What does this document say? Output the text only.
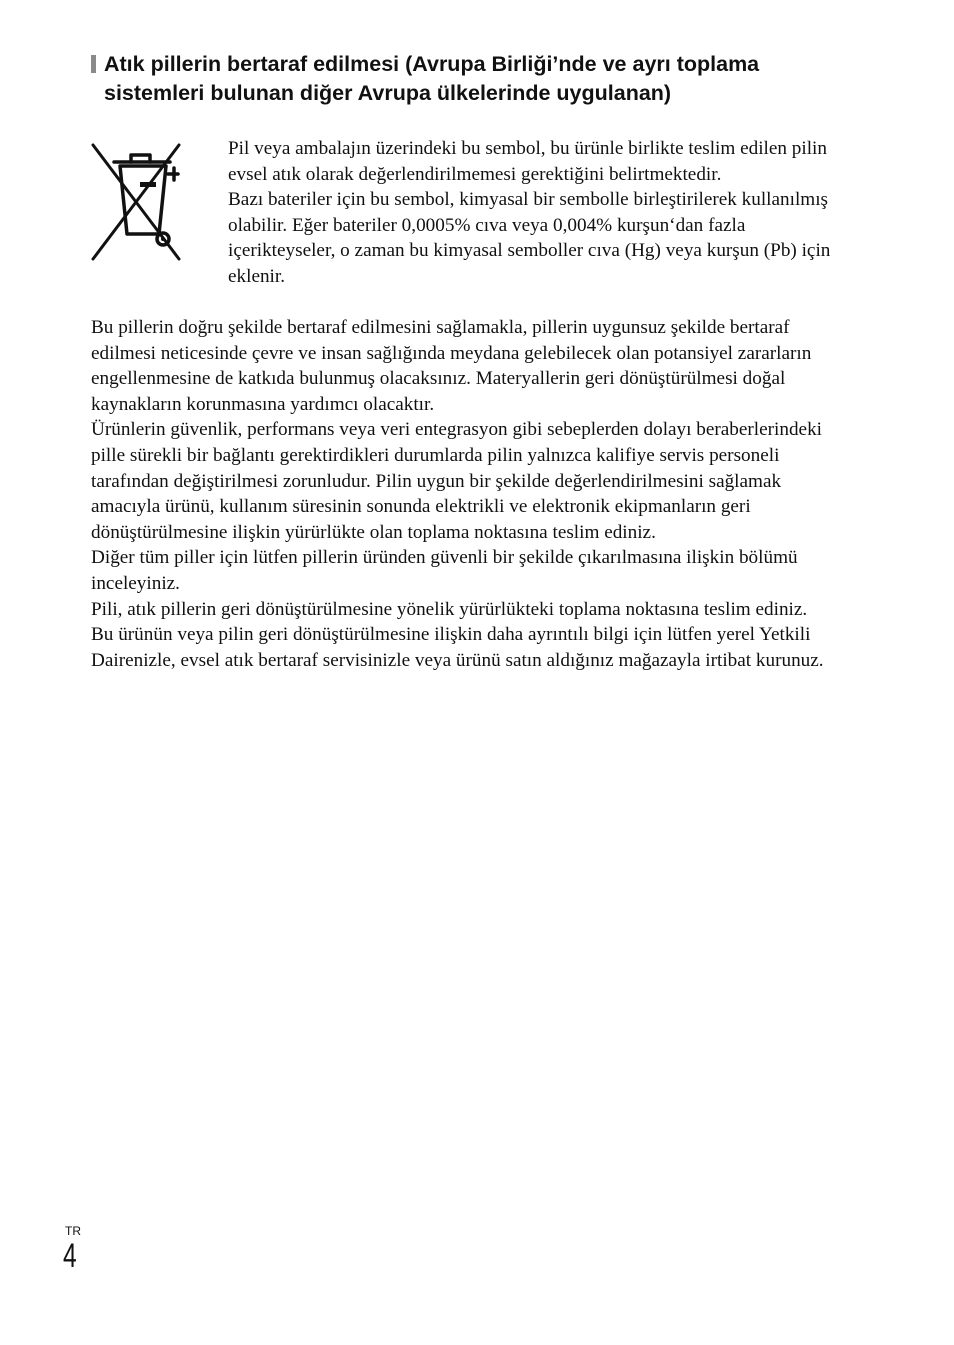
Atık pillerin bertaraf edilmesi (Avrupa Birliği’nde ve ayrı toplama sistemleri bulunan diğer Avrupa ülkelerinde uygulanan)

Pil veya ambalajın üzerindeki bu sembol, bu ürünle birlikte teslim edilen pilin evsel atık olarak değerlendirilmemesi gerektiğini belirtmektedir.

Bazı bateriler için bu sembol, kimyasal bir sembolle birleştirilerek kullanılmış olabilir. Eğer bateriler 0,0005% cıva veya 0,004% kurşun‘dan fazla içerikteyseler, o zaman bu kimyasal semboller cıva (Hg) veya kurşun (Pb) için eklenir.

Bu pillerin doğru şekilde bertaraf edilmesini sağlamakla, pillerin uygunsuz şekilde bertaraf edilmesi neticesinde çevre ve insan sağlığında meydana gelebilecek olan potansiyel zararların engellenmesine de katkıda bulunmuş olacaksınız. Materyallerin geri dönüştürülmesi doğal kaynakların korunmasına yardımcı olacaktır.

Ürünlerin güvenlik, performans veya veri entegrasyon gibi sebeplerden dolayı beraberlerindeki pille sürekli bir bağlantı gerektirdikleri durumlarda pilin yalnızca kalifiye servis personeli tarafından değiştirilmesi zorunludur. Pilin uygun bir şekilde değerlendirilmesini sağlamak amacıyla ürünü, kullanım süresinin sonunda elektrikli ve elektronik ekipmanların geri dönüştürülmesine ilişkin yürürlükte olan toplama noktasına teslim ediniz.

Diğer tüm piller için lütfen pillerin üründen güvenli bir şekilde çıkarılmasına ilişkin bölümü inceleyiniz.

Pili, atık pillerin geri dönüştürülmesine yönelik yürürlükteki toplama noktasına teslim ediniz.

Bu ürünün veya pilin geri dönüştürülmesine ilişkin daha ayrıntılı bilgi için lütfen yerel Yetkili Dairenizle, evsel atık bertaraf servisinizle veya ürünü satın aldığınız mağazayla irtibat kurunuz.

TR
4
